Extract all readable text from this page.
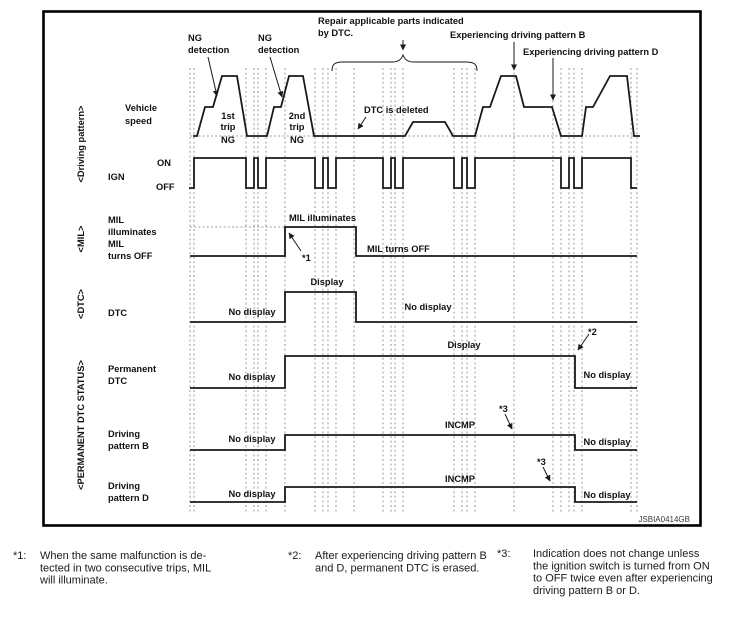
NG
detection
NG
detection
Repair applicable parts indicated
by DTC.	Experiencing driving pattern B
Experiencing driving pattern D
DTC is deleted
1st
trip
NG
2nd
trip
NG
MIL illuminates
MIL turns OFF
*1
*2
*3
*3
Display
No display	No display
Display
No display	No display
INCMP
No display	No display
INCMP
No display	No display
Vehicle
speed
ON
IGN
OFF
MIL
illuminates
MIL
turns OFF
DTC
Permanent
DTC
Driving
pattern B
Driving
pattern D
<Driving pattern>
<MIL>
<DTC>
<PERMANENT DTC STATUS>
JSBIA0414GB
*1: When the same malfunction is de-
tected in two consecutive trips, MIL
will illuminate.
*2: After experiencing driving pattern B
and D, permanent DTC is erased.
*3: Indication does not change unless
the ignition switch is turned from ON
to OFF twice even after experiencing
driving pattern B or D.
